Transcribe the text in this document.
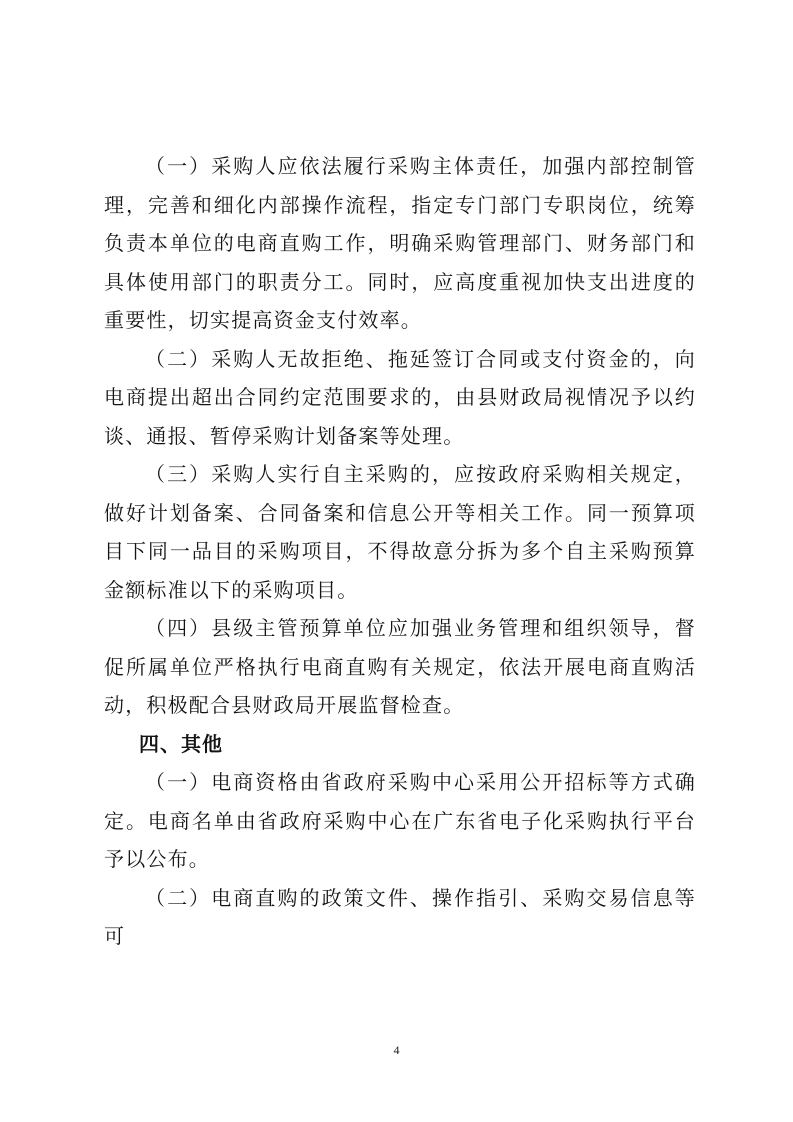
（一）采购人应依法履行采购主体责任，加强内部控制管理，完善和细化内部操作流程，指定专门部门专职岗位，统筹负责本单位的电商直购工作，明确采购管理部门、财务部门和具体使用部门的职责分工。同时，应高度重视加快支出进度的重要性，切实提高资金支付效率。

（二）采购人无故拒绝、拖延签订合同或支付资金的，向电商提出超出合同约定范围要求的，由县财政局视情况予以约谈、通报、暂停采购计划备案等处理。

（三）采购人实行自主采购的，应按政府采购相关规定，做好计划备案、合同备案和信息公开等相关工作。同一预算项目下同一品目的采购项目，不得故意分拆为多个自主采购预算金额标准以下的采购项目。

（四）县级主管预算单位应加强业务管理和组织领导，督促所属单位严格执行电商直购有关规定，依法开展电商直购活动，积极配合县财政局开展监督检查。

四、其他

（一）电商资格由省政府采购中心采用公开招标等方式确定。电商名单由省政府采购中心在广东省电子化采购执行平台予以公布。

（二）电商直购的政策文件、操作指引、采购交易信息等可

4
